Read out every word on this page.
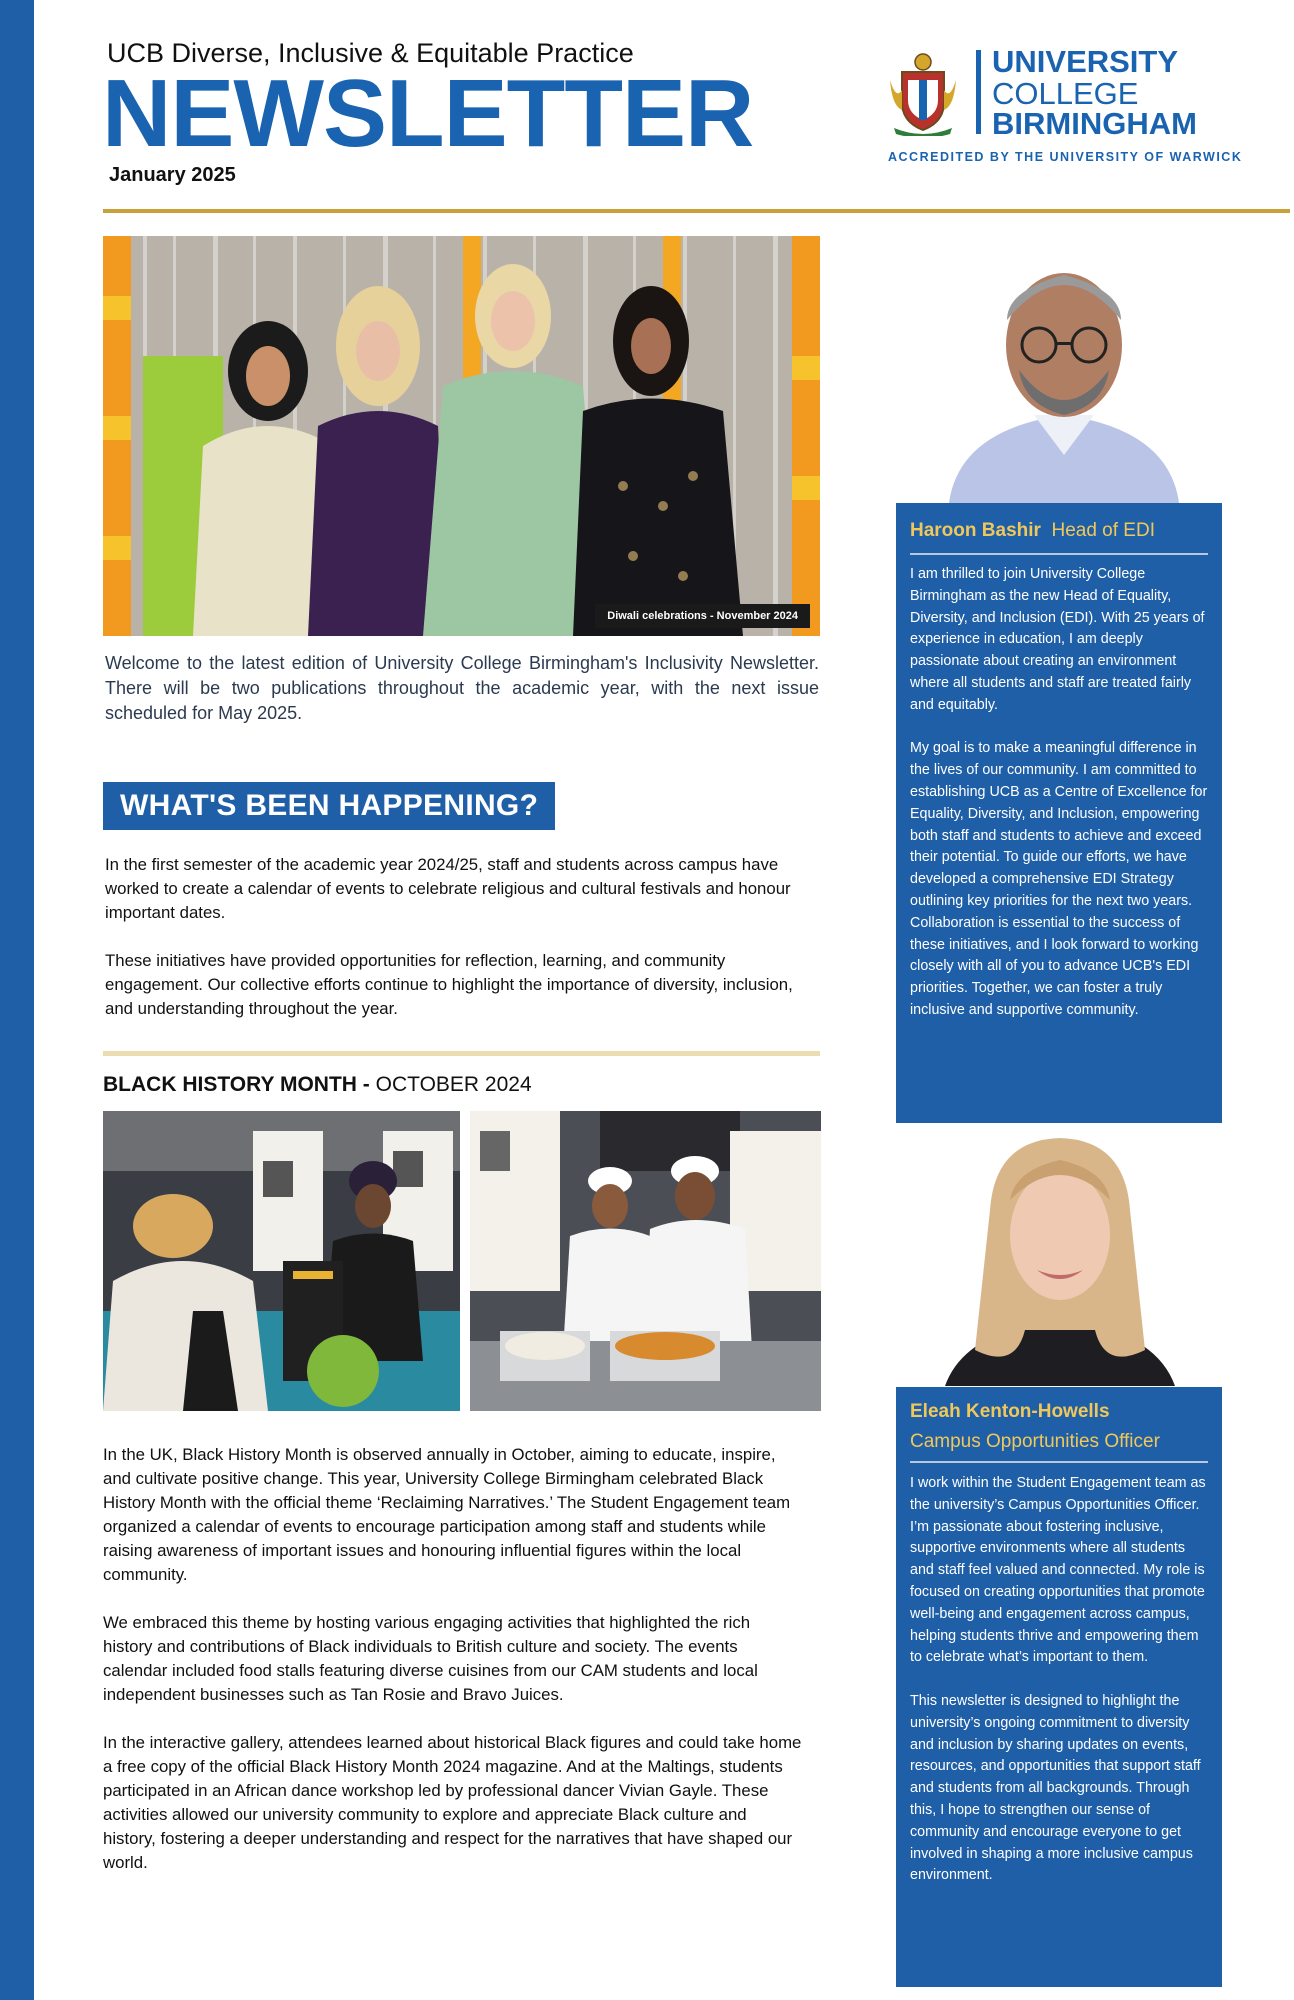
UCB Diverse, Inclusive & Equitable Practice
NEWSLETTER
January 2025
UNIVERSITY
COLLEGE
BIRMINGHAM
ACCREDITED BY THE UNIVERSITY OF WARWICK
Diwali celebrations - November 2024
Welcome to the latest edition of University College Birmingham's Inclusivity Newsletter. There will be two publications throughout the academic year, with the next issue scheduled for May 2025.
WHAT'S BEEN HAPPENING?

In the first semester of the academic year 2024/25, staff and students across campus have worked to create a calendar of events to celebrate religious and cultural festivals and honour important dates.

These initiatives have provided opportunities for reflection, learning, and community engagement. Our collective efforts continue to highlight the importance of diversity, inclusion, and understanding throughout the year.

BLACK HISTORY MONTH - OCTOBER 2024

In the UK, Black History Month is observed annually in October, aiming to educate, inspire, and cultivate positive change. This year, University College Birmingham celebrated Black History Month with the official theme ‘Reclaiming Narratives.’ The Student Engagement team organized a calendar of events to encourage participation among staff and students while raising awareness of important issues and honouring influential figures within the local community.

We embraced this theme by hosting various engaging activities that highlighted the rich history and contributions of Black individuals to British culture and society. The events calendar included food stalls featuring diverse cuisines from our CAM students and local independent businesses such as Tan Rosie and Bravo Juices.

In the interactive gallery, attendees learned about historical Black figures and could take home a free copy of the official Black History Month 2024 magazine. And at the Maltings, students participated in an African dance workshop led by professional dancer Vivian Gayle. These activities allowed our university community to explore and appreciate Black culture and history, fostering a deeper understanding and respect for the narratives that have shaped our world.

Haroon Bashir Head of EDI

I am thrilled to join University College Birmingham as the new Head of Equality, Diversity, and Inclusion (EDI). With 25 years of experience in education, I am deeply passionate about creating an environment where all students and staff are treated fairly and equitably.

My goal is to make a meaningful difference in the lives of our community. I am committed to establishing UCB as a Centre of Excellence for Equality, Diversity, and Inclusion, empowering both staff and students to achieve and exceed their potential. To guide our efforts, we have developed a comprehensive EDI Strategy outlining key priorities for the next two years. Collaboration is essential to the success of these initiatives, and I look forward to working closely with all of you to advance UCB's EDI priorities. Together, we can foster a truly inclusive and supportive community.

Eleah Kenton-Howells
Campus Opportunities Officer

I work within the Student Engagement team as the university’s Campus Opportunities Officer. I’m passionate about fostering inclusive, supportive environments where all students and staff feel valued and connected. My role is focused on creating opportunities that promote well-being and engagement across campus, helping students thrive and empowering them to celebrate what’s important to them.

This newsletter is designed to highlight the university’s ongoing commitment to diversity and inclusion by sharing updates on events, resources, and opportunities that support staff and students from all backgrounds. Through this, I hope to strengthen our sense of community and encourage everyone to get involved in shaping a more inclusive campus environment.
